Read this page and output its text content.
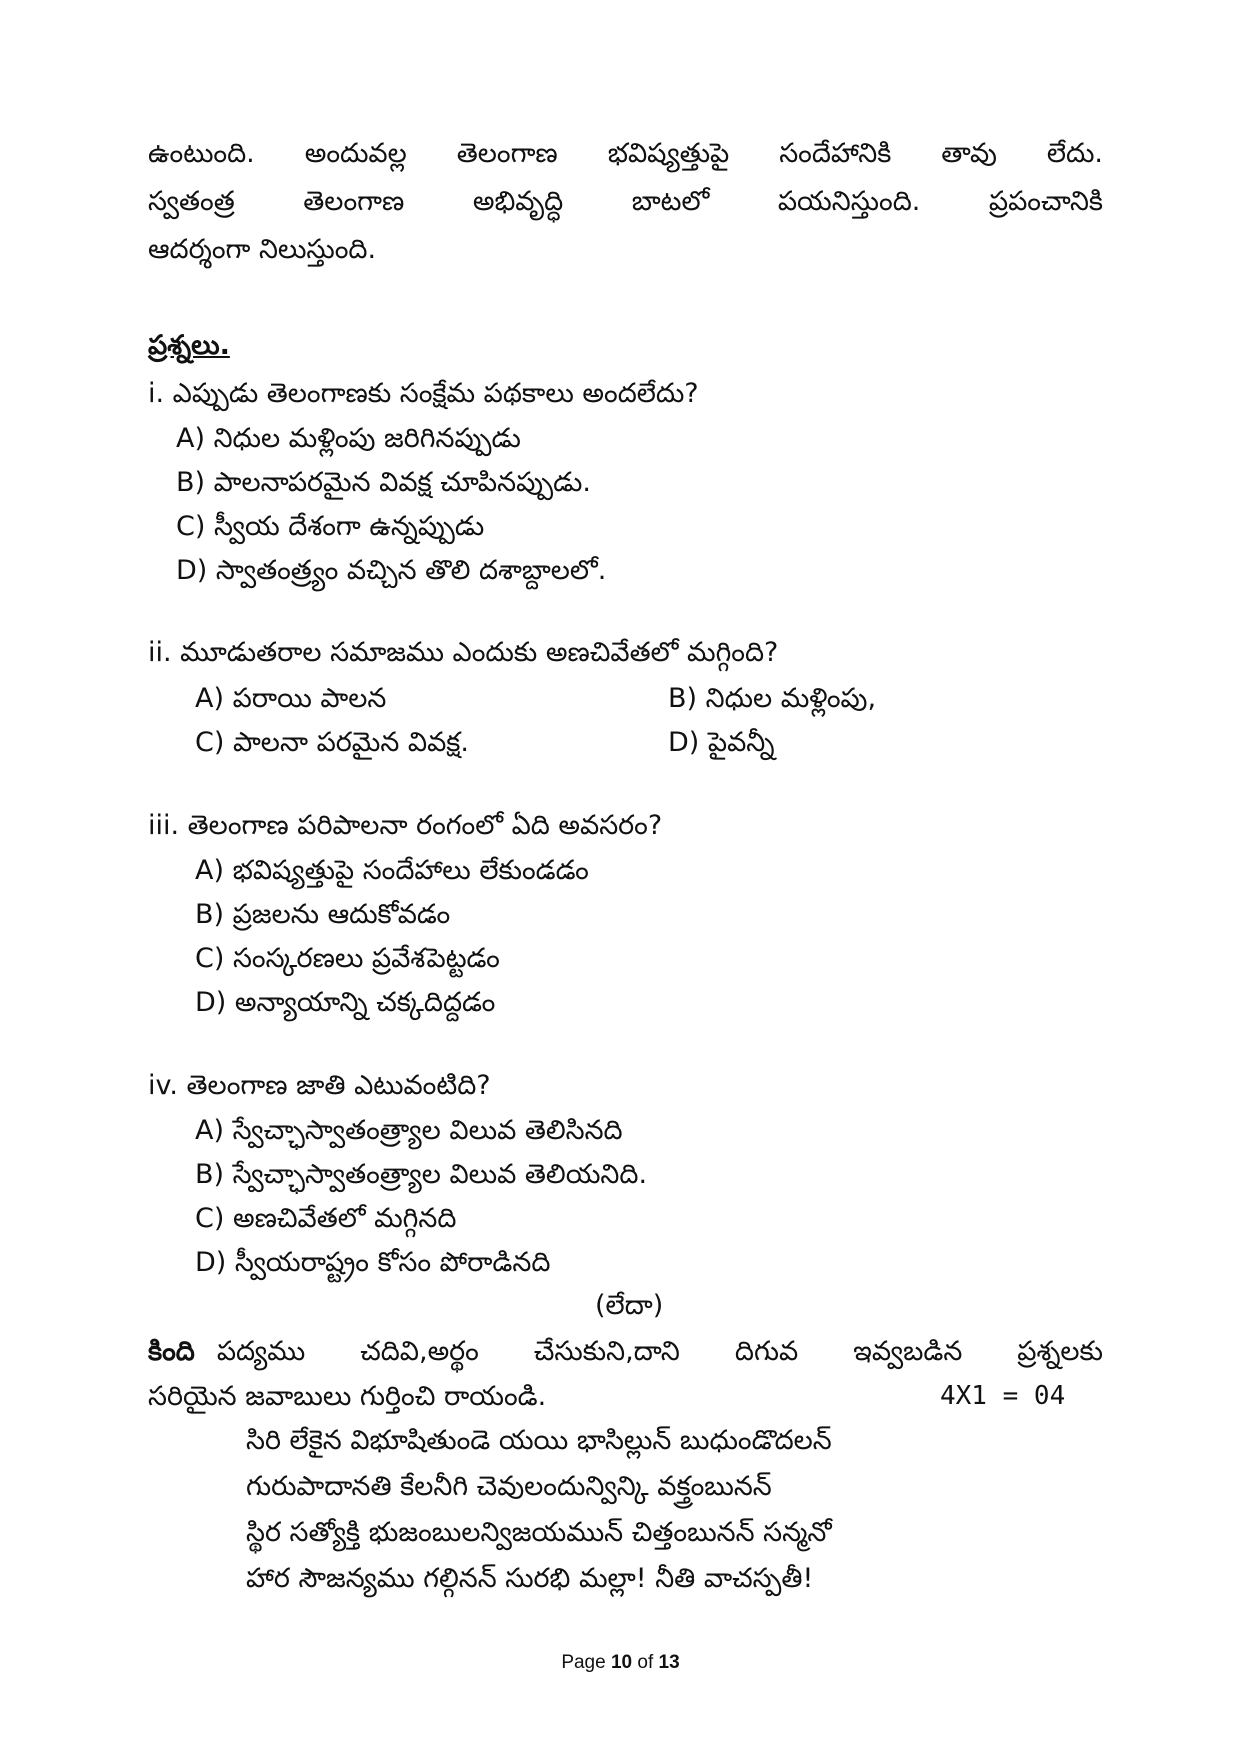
ఉంటుంది. అందువల్ల తెలంగాణ భవిష్యత్తుపై సందేహానికి తావు లేదు.
స్వతంత్ర తెలంగాణ అభివృద్ధి బాటలో పయనిస్తుంది. ప్రపంచానికి
ఆదర్శంగా నిలుస్తుంది.
ప్రశ్నలు.
i. ఎప్పుడు తెలంగాణకు సంక్షేమ పథకాలు అందలేదు?
A) నిధుల మళ్లింపు జరిగినప్పుడు
B) పాలనాపరమైన వివక్ష చూపినప్పుడు.
C) స్వీయ దేశంగా ఉన్నప్పుడు
D) స్వాతంత్ర్యం వచ్చిన తొలి దశాబ్దాలలో.
ii. మూడుతరాల సమాజము ఎందుకు అణచివేతలో మగ్గింది?
A) పరాయి పాలన	B) నిధుల మళ్లింపు,
C) పాలనా పరమైన వివక్ష.	D) పైవన్నీ
iii. తెలంగాణ పరిపాలనా రంగంలో ఏది అవసరం?
A) భవిష్యత్తుపై సందేహాలు లేకుండడం
B) ప్రజలను ఆదుకోవడం
C) సంస్కరణలు ప్రవేశపెట్టడం
D) అన్యాయాన్ని చక్కదిద్దడం
iv. తెలంగాణ జాతి ఎటువంటిది?
A) స్వేచ్ఛాస్వాతంత్ర్యాల విలువ తెలిసినది
B) స్వేచ్ఛాస్వాతంత్ర్యాల విలువ తెలియనిది.
C) అణచివేతలో మగ్గినది
D) స్వీయరాష్ట్రం కోసం పోరాడినది
(లేదా)
కింది పద్యము చదివి,అర్థం చేసుకుని,దాని దిగువ ఇవ్వబడిన ప్రశ్నలకు
సరియైన జవాబులు గుర్తించి రాయండి.	4X1 = 04
సిరి లేకైన విభూషితుండె యయి భాసిల్లున్ బుధుండొదలన్
గురుపాదానతి కేలనీగి చెవులందున్విన్కి వక్త్రంబునన్
స్థిర సత్యోక్తి భుజంబులన్విజయమున్ చిత్తంబునన్ సన్మనో
హార సౌజన్యము గల్గినన్ సురభి మల్లా! నీతి వాచస్పతీ!
Page 10 of 13
